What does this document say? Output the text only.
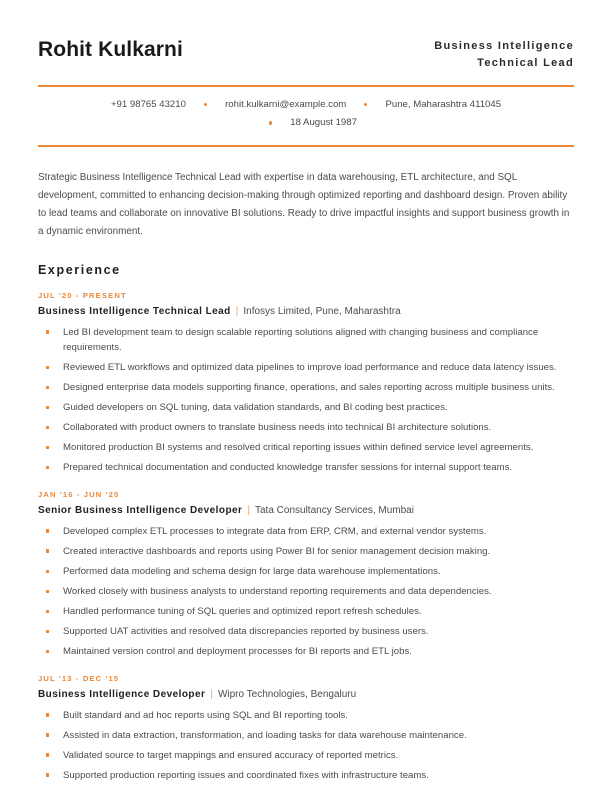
Rohit Kulkarni	Business Intelligence
Technical Lead
+91 98765 43210	rohit.kulkarni@example.com	Pune, Maharashtra 411045
18 August 1987
Strategic Business Intelligence Technical Lead with expertise in data warehousing, ETL architecture, and SQL development, committed to enhancing decision-making through optimized reporting and dashboard design. Proven ability to lead teams and collaborate on innovative BI solutions. Ready to drive impactful insights and support business growth in a dynamic environment.
Experience
JUL '20 - PRESENT
Business Intelligence Technical Lead | Infosys Limited, Pune, Maharashtra
Led BI development team to design scalable reporting solutions aligned with changing business and compliance requirements.
Reviewed ETL workflows and optimized data pipelines to improve load performance and reduce data latency issues.
Designed enterprise data models supporting finance, operations, and sales reporting across multiple business units.
Guided developers on SQL tuning, data validation standards, and BI coding best practices.
Collaborated with product owners to translate business needs into technical BI architecture solutions.
Monitored production BI systems and resolved critical reporting issues within defined service level agreements.
Prepared technical documentation and conducted knowledge transfer sessions for internal support teams.
JAN '16 - JUN '20
Senior Business Intelligence Developer | Tata Consultancy Services, Mumbai
Developed complex ETL processes to integrate data from ERP, CRM, and external vendor systems.
Created interactive dashboards and reports using Power BI for senior management decision making.
Performed data modeling and schema design for large data warehouse implementations.
Worked closely with business analysts to understand reporting requirements and data dependencies.
Handled performance tuning of SQL queries and optimized report refresh schedules.
Supported UAT activities and resolved data discrepancies reported by business users.
Maintained version control and deployment processes for BI reports and ETL jobs.
JUL '13 - DEC '15
Business Intelligence Developer | Wipro Technologies, Bengaluru
Built standard and ad hoc reports using SQL and BI reporting tools.
Assisted in data extraction, transformation, and loading tasks for data warehouse maintenance.
Validated source to target mappings and ensured accuracy of reported metrics.
Supported production reporting issues and coordinated fixes with infrastructure teams.
